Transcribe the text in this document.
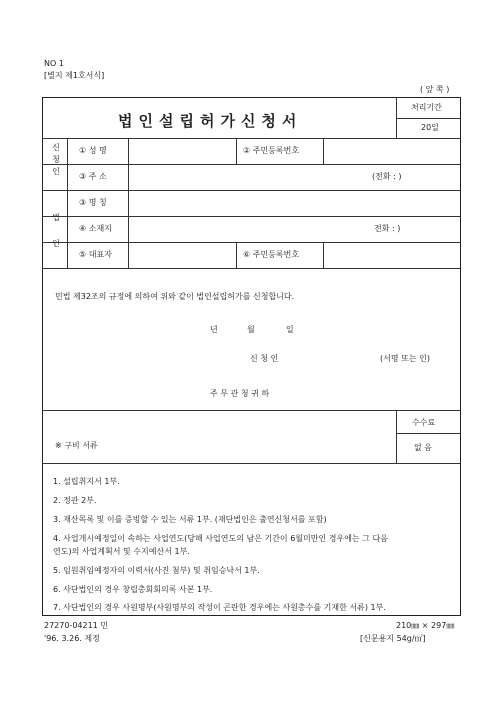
NO 1
[별지 제1호서식]
( 앞 쪽 )
법인설립허가신청서
처리기간
20일
신청인
법인
① 성 명	② 주민등록번호
③ 주 소	(전화 : )
③ 명 칭
④ 소재지	전화 : )
⑤ 대표자	⑥ 주민등록번호
민법 제32조의 규정에 의하여 위와 같이 법인설립허가를 신청합니다.
년	월	일
신 청 인	(서명 또는 인)
주 무 관 청 귀 하
※ 구비 서류
수수료
없 음
1. 설립취지서 1부.
2. 정관 2부.
3. 재산목록 및 이를 증빙할 수 있는 서류 1부. (재단법인은 출연신청서를 포함)
4. 사업개시예정일이 속하는 사업연도(당해 사업연도의 남은 기간이 6월미만인 경우에는 그 다음
연도)의 사업계획서 및 수지예산서 1부.
5. 임원취임예정자의 이력서(사진 첨부) 및 취임승낙서 1부.
6. 사단법인의 경우 창립총회회의록 사본 1부.
7. 사단법인의 경우 사원명부(사원명부의 작성이 곤란한 경우에는 사원총수를 기재한 서류) 1부.
27270-04211 민
'96. 3.26. 제정
210㎜ × 297㎜
[신문용지 54g/㎡]
